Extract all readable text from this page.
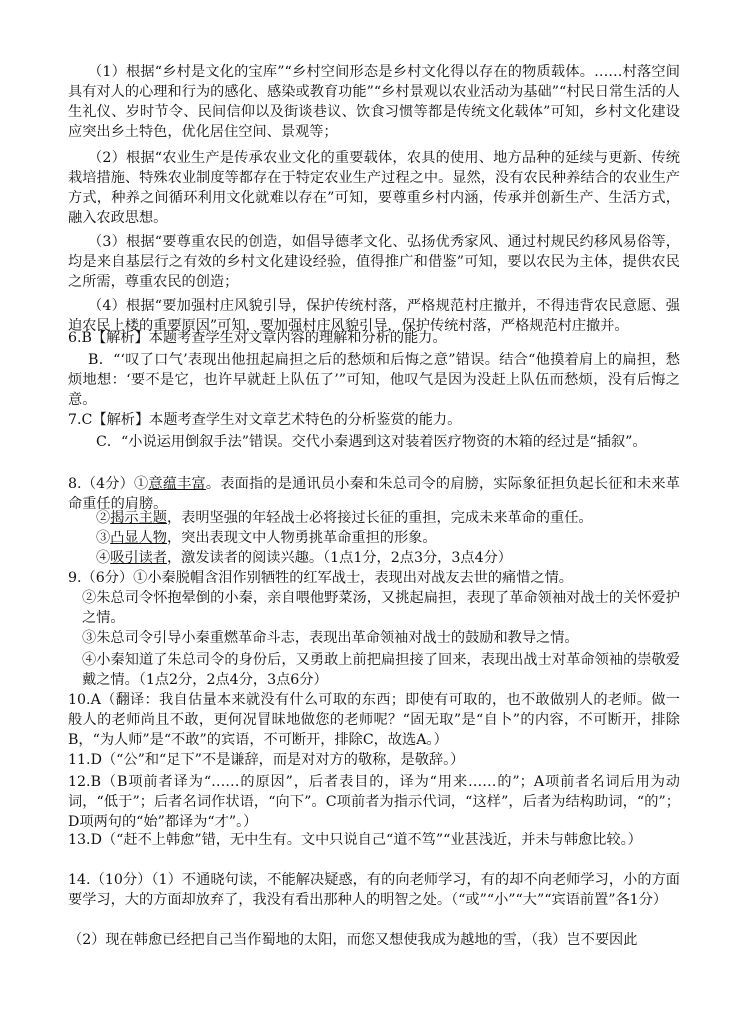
（1）根据“乡村是文化的宝库”“乡村空间形态是乡村文化得以存在的物质载体。……村落空间具有对人的心理和行为的感化、感染或教育功能”“乡村景观以农业活动为基础”“村民日常生活的人生礼仪、岁时节令、民间信仰以及街谈巷议、饮食习惯等都是传统文化载体”可知，乡村文化建设应突出乡土特色，优化居住空间、景观等；

（2）根据“农业生产是传承农业文化的重要载体，农具的使用、地方品种的延续与更新、传统栽培措施、特殊农业制度等都存在于特定农业生产过程之中。显然，没有农民种养结合的农业生产方式，种养之间循环利用文化就难以存在”可知，要尊重乡村内涵，传承并创新生产、生活方式，融入农政思想。

（3）根据“要尊重农民的创造，如倡导德孝文化、弘扬优秀家风、通过村规民约移风易俗等，均是来自基层行之有效的乡村文化建设经验，值得推广和借鉴”可知，要以农民为主体，提供农民之所需，尊重农民的创造；

（4）根据“要加强村庄风貌引导，保护传统村落，严格规范村庄撤并，不得违背农民意愿、强迫农民上楼的重要原因”可知，要加强村庄风貌引导，保护传统村落，严格规范村庄撤并。

6.B【解析】本题考查学生对文章内容的理解和分析的能力。

B．“‘叹了口气’表现出他扭起扁担之后的愁烦和后悔之意”错误。结合“他摸着肩上的扁担，愁烦地想：‘要不是它，也许早就赶上队伍了’”可知，他叹气是因为没赶上队伍而愁烦，没有后悔之意。

7.C【解析】本题考查学生对文章艺术特色的分析鉴赏的能力。

C．“小说运用倒叙手法”错误。交代小秦遇到这对装着医疗物资的木箱的经过是“插叙”。

8.（4分）①意蕴丰富。表面指的是通讯员小秦和朱总司令的肩膀，实际象征担负起长征和未来革命重任的肩膀。

②揭示主题，表明坚强的年轻战士必将接过长征的重担，完成未来革命的重任。

③凸显人物，突出表现文中人物勇挑革命重担的形象。

④吸引读者，激发读者的阅读兴趣。（1点1分，2点3分，3点4分）

9.（6分）①小秦脱帽含泪作别牺牲的红军战士，表现出对战友去世的痛惜之情。

②朱总司令怀抱晕倒的小秦，亲自喂他野菜汤，又挑起扁担，表现了革命领袖对战士的关怀爱护之情。

③朱总司令引导小秦重燃革命斗志，表现出革命领袖对战士的鼓励和教导之情。

④小秦知道了朱总司令的身份后，又勇敢上前把扁担接了回来，表现出战士对革命领袖的崇敬爱戴之情。（1点2分，2点4分，3点6分）

10.A（翻译：我自估量本来就没有什么可取的东西；即使有可取的，也不敢做别人的老师。做一般人的老师尚且不敢，更何况冒昧地做您的老师呢？“固无取”是“自卜”的内容，不可断开，排除B，“为人师”是“不敢”的宾语，不可断开，排除C，故选A。）

11.D（“公”和“足下”不是谦辞，而是对对方的敬称，是敬辞。）

12.B（B项前者译为“……的原因”，后者表目的，译为“用来……的”；A项前者名词后用为动词，“低于”；后者名词作状语，“向下”。C项前者为指示代词，“这样”，后者为结构助词，“的”；D项两句的“始”都译为“才”。）

13.D（“赶不上韩愈”错，无中生有。文中只说自己“道不笃”“业甚浅近，并未与韩愈比较。）

14.（10分）（1）不通晓句读，不能解决疑惑，有的向老师学习，有的却不向老师学习，小的方面要学习，大的方面却放弃了，我没有看出那种人的明智之处。（“或”“小”“大”“宾语前置”各1分）

（2）现在韩愈已经把自己当作蜀地的太阳，而您又想使我成为越地的雪，（我）岂不要因此
